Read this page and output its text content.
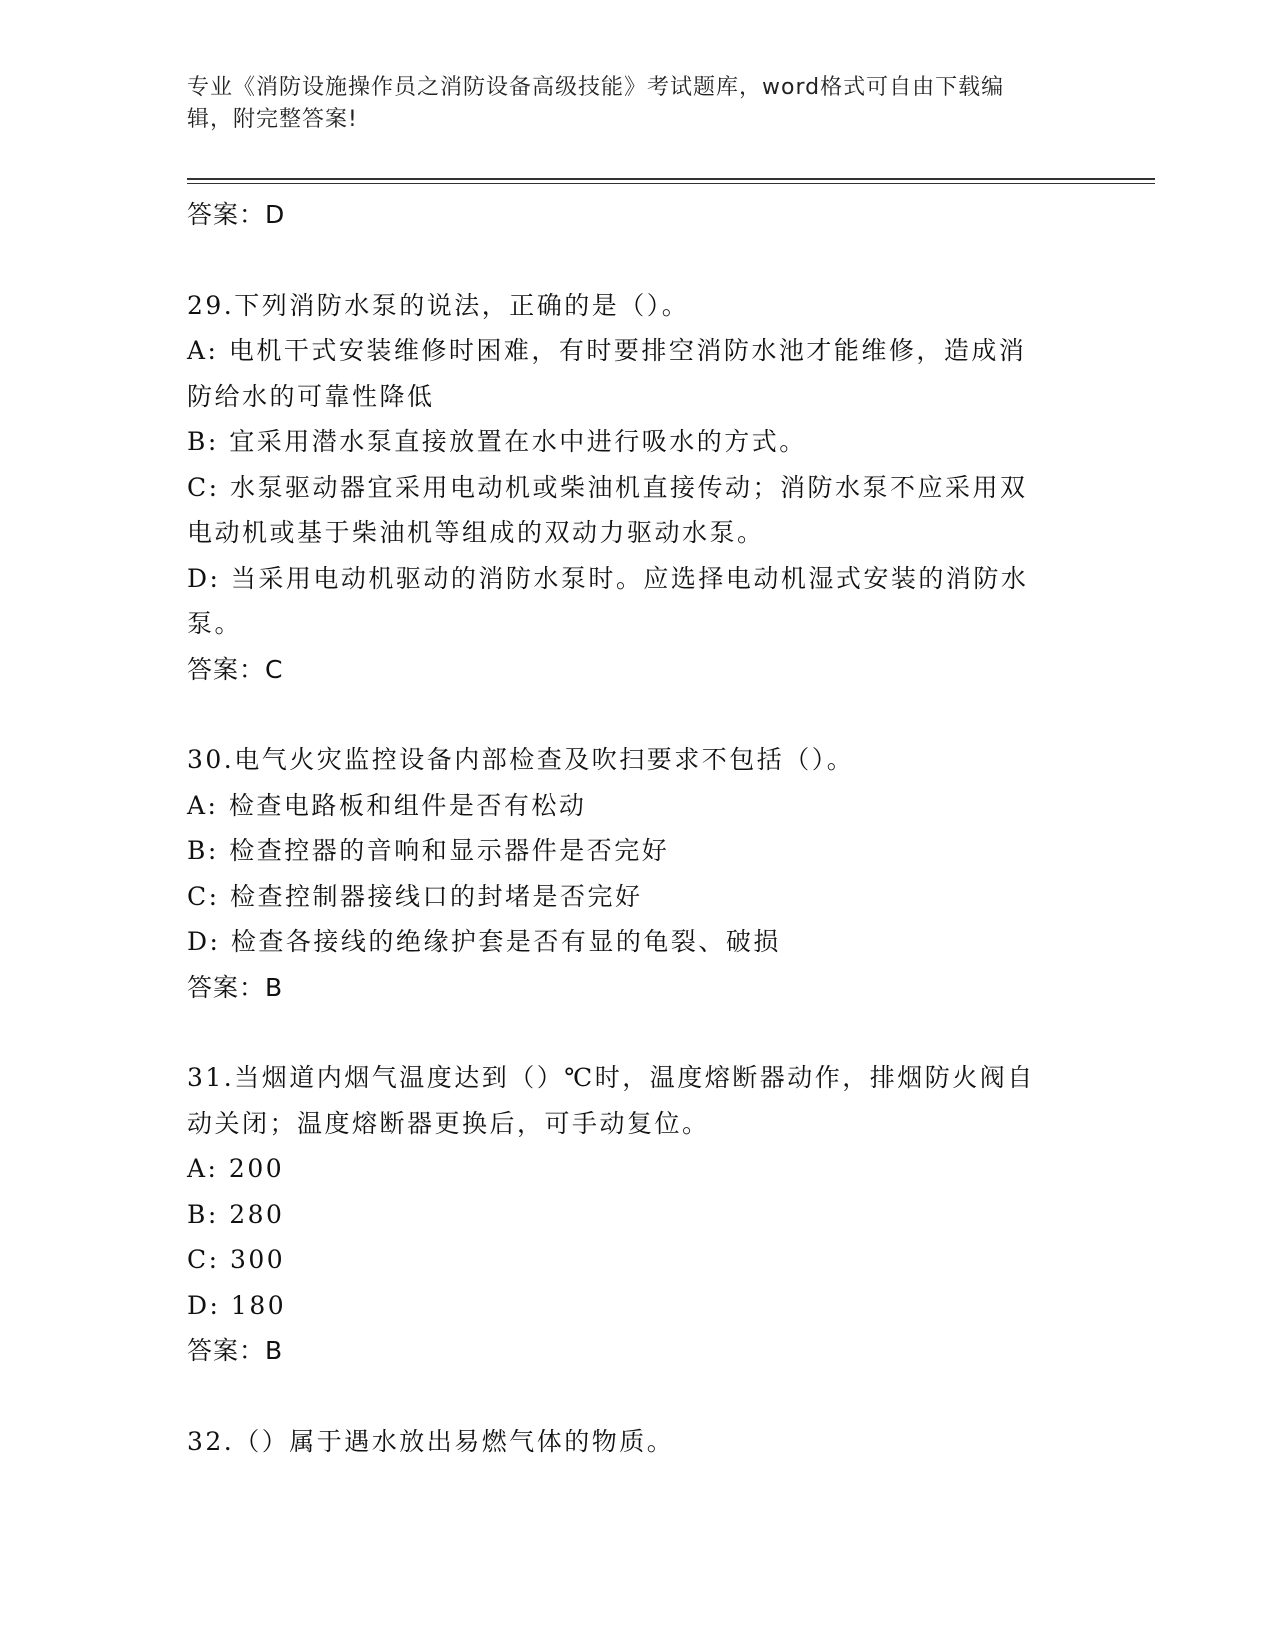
专业《消防设施操作员之消防设备高级技能》考试题库，word格式可自由下载编
辑，附完整答案!
答案：D
29.下列消防水泵的说法，正确的是（）。
A: 电机干式安装维修时困难，有时要排空消防水池才能维修，造成消
防给水的可靠性降低
B: 宜采用潜水泵直接放置在水中进行吸水的方式。
C: 水泵驱动器宜采用电动机或柴油机直接传动；消防水泵不应采用双
电动机或基于柴油机等组成的双动力驱动水泵。
D: 当采用电动机驱动的消防水泵时。应选择电动机湿式安装的消防水
泵。
答案：C
30.电气火灾监控设备内部检查及吹扫要求不包括（）。
A: 检查电路板和组件是否有松动
B: 检查控器的音响和显示器件是否完好
C: 检查控制器接线口的封堵是否完好
D: 检查各接线的绝缘护套是否有显的龟裂、破损
答案：B
31.当烟道内烟气温度达到（）℃时，温度熔断器动作，排烟防火阀自
动关闭；温度熔断器更换后，可手动复位。
A: 200
B: 280
C: 300
D: 180
答案：B
32.（）属于遇水放出易燃气体的物质。
